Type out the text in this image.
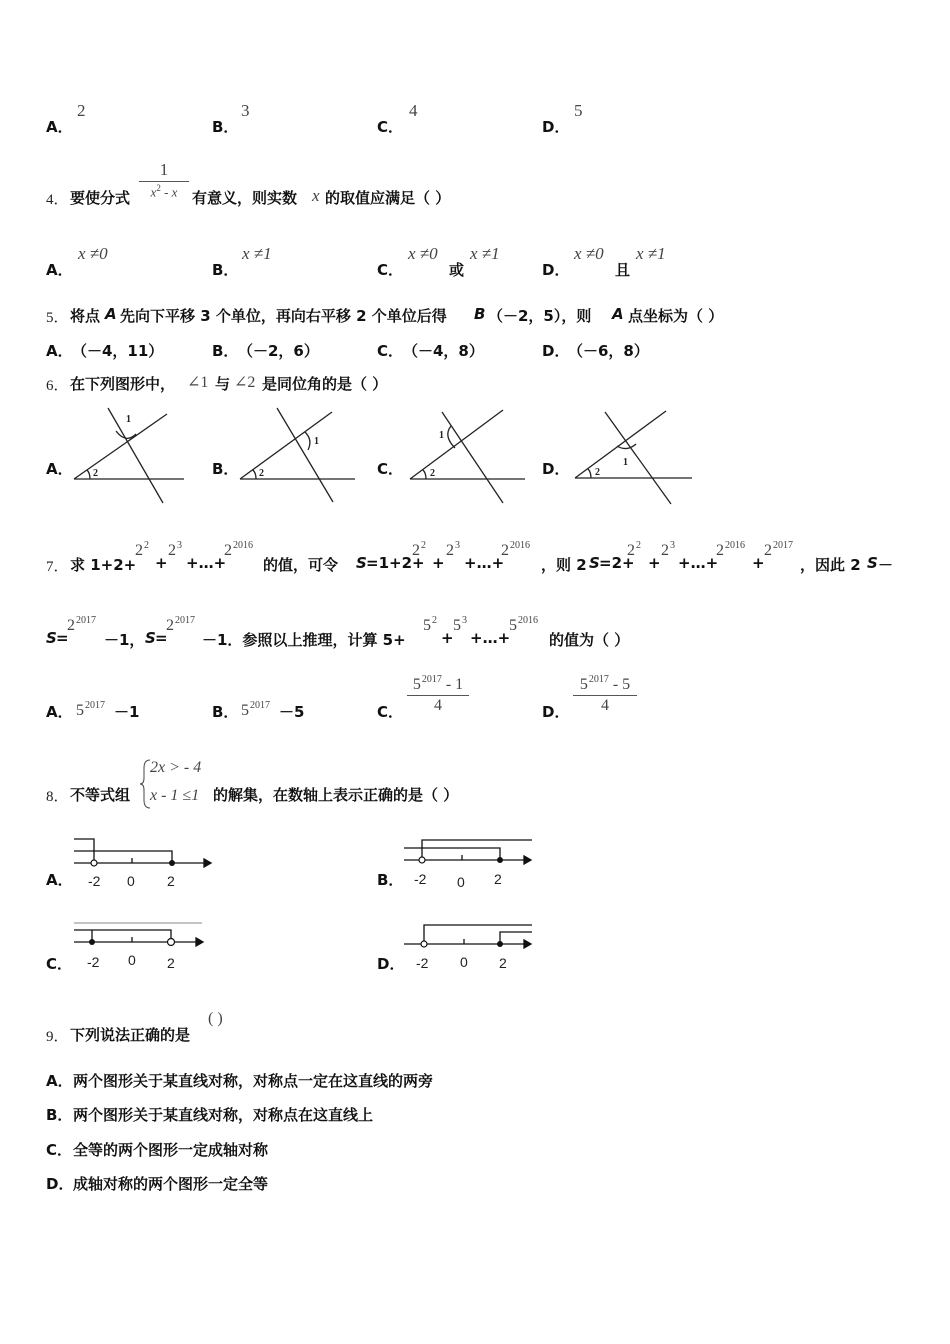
A．
2
B．
3
C．
4
D．
5
4． 要使分式
1
$x^2$ - x 有意义，则实数 x 的取值应满足（ ）
A．
x ≠0
B．
x ≠1
C．
x ≠0
或
x ≠1
D．
x ≠0
且
x ≠1
5． 将点 A 先向下平移 3 个单位，再向右平移 2 个单位后得 B （－2，5），则 A 点坐标为（ ）
A． （－4，11）	B． （－2，6）	C． （－4，8）	D．
（－6，8）
6． 在下列图形中， ∠1 与 ∠2 是同位角的是（ ）
A．
1
2	B．
1
2	C．
1
2	D．	1
2
7． 求 1+2+
$2^2$
+
$2^3$
+…+
$2^{2016}$
的值，可令 S =1+2+
$2^2$
+
$2^3$
+…+
$2^{2016}$
，则 2 S =2+
$2^2$
+
$2^3$
+…+
$2^{2016}$
+
$2^{2017}$
，因此 2 S －
S =
$2^{2017}$
－1， S =
$2^{2017}$
－1．参照以上推理，计算 5+
$5^2$
+
$5^3$
+…+
$5^{2016}$
的值为（ ）
A． $5^{2017} -1$	B． $5^{2017} -5$	C．
$5^{2017} - 1$
4	D．
$5^{2017} - 5$
4
8． 不等式组
2x > - 4
x - 1 ≤1 的解集，在数轴上表示正确的是（ ）
A． -2 0 2	B． -2 0 2
C． -2 0 2	D． -2 0 2
9． 下列说法正确的是
( )
A． 两个图形关于某直线对称，对称点一定在这直线的两旁
B． 两个图形关于某直线对称，对称点在这直线上
C． 全等的两个图形一定成轴对称
D． 成轴对称的两个图形一定全等
